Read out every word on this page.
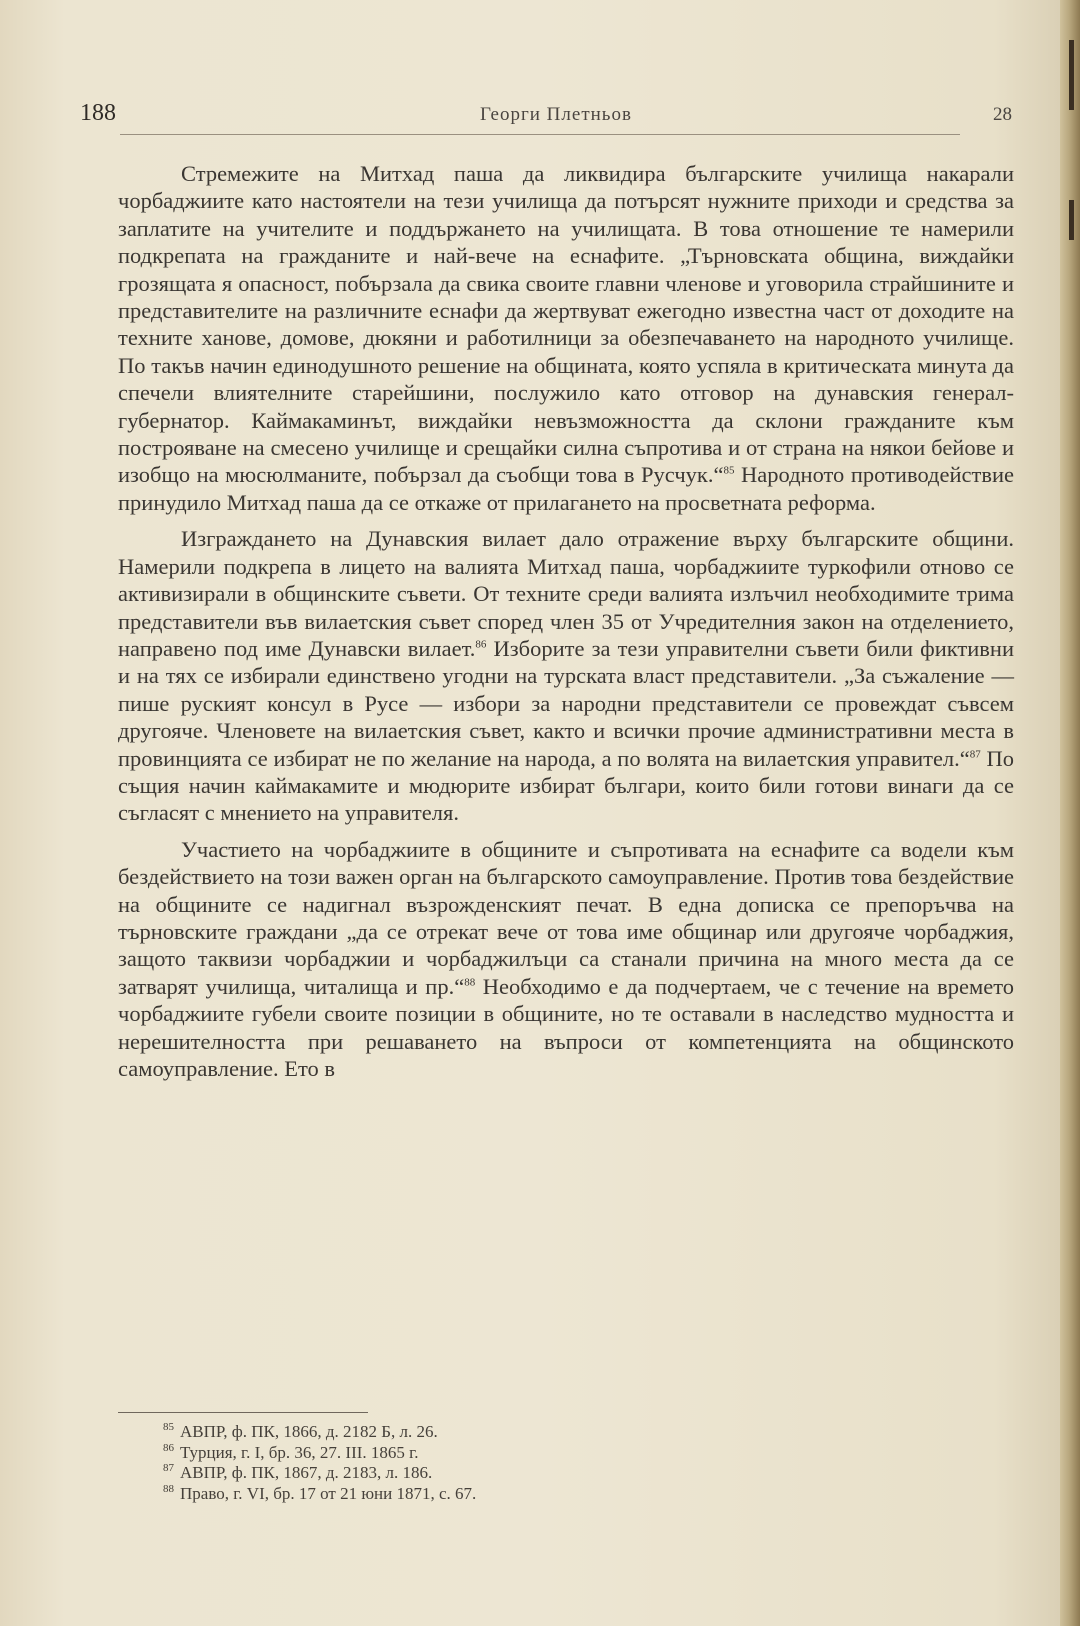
188	Георги Плетньов	28

Стремежите на Митхад паша да ликвидира българските училища накарали чорбаджиите като настоятели на тези училища да потърсят нужните приходи и средства за заплатите на учителите и поддържането на училищата. В това отношение те намерили подкрепата на гражданите и най-вече на еснафите. „Търновската община, виждайки грозящата я опасност, побързала да свика своите главни членове и уговорила страйшините и представителите на различните еснафи да жертвуват ежегодно известна част от доходите на техните ханове, домове, дюкяни и работилници за обезпечаването на народното училище. По такъв начин единодушното решение на общината, която успяла в критическата минута да спечели влиятелните старейшини, послужило като отговор на дунавския генерал-губернатор. Каймакаминът, виждайки невъзможността да склони гражданите към построяване на смесено училище и срещайки силна съпротива и от страна на някои бейове и изобщо на мюсюлманите, побързал да съобщи това в Русчук.“$^{85}$ Народното противодействие принудило Митхад паша да се откаже от прилагането на просветната реформа.

Изграждането на Дунавския вилает дало отражение върху българските общини. Намерили подкрепа в лицето на валията Митхад паша, чорбаджиите туркофили отново се активизирали в общинските съвети. От техните среди валията излъчил необходимите трима представители във вилаетския съвет според член 35 от Учредителния закон на отделението, направено под име Дунавски вилает.$^{86}$ Изборите за тези управителни съвети били фиктивни и на тях се избирали единствено угодни на турската власт представители. „За съжаление — пише руският консул в Русе — избори за народни представители се провеждат съвсем другояче. Членовете на вилаетския съвет, както и всички прочие административни места в провинцията се избират не по желание на народа, а по волята на вилаетския управител.“$^{87}$ По същия начин каймакамите и мюдюрите избират българи, които били готови винаги да се съгласят с мнението на управителя.

Участието на чорбаджиите в общините и съпротивата на еснафите са водели към бездействието на този важен орган на българското самоуправление. Против това бездействие на общините се надигнал възрожденският печат. В една дописка се препоръчва на търновските граждани „да се отрекат вече от това име общинар или другояче чорбаджия, защото таквизи чорбаджии и чорбаджилъци са станали причина на много места да се затварят училища, читалища и пр.“$^{88}$ Необходимо е да подчертаем, че с течение на времето чорбаджиите губели своите позиции в общините, но те оставали в наследство мудността и нерешителността при решаването на въпроси от компетенцията на общинското самоуправление. Ето в

$^{85}$ АВПР, ф. ПК, 1866, д. 2182 Б, л. 26.
$^{86}$ Турция, г. I, бр. 36, 27. III. 1865 г.
$^{87}$ АВПР, ф. ПК, 1867, д. 2183, л. 186.
$^{88}$ Право, г. VI, бр. 17 от 21 юни 1871, с. 67.
